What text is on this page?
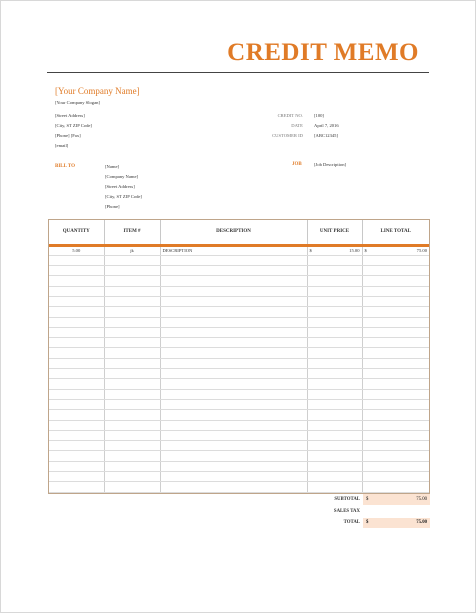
CREDIT MEMO
[Your Company Name]
[Your Company Slogan]
[Street Address]
[City, ST ZIP Code]
[Phone] [Fax]
[email]
CREDIT NO. [100]
DATE April 7, 2016
CUSTOMER ID [ABC12345]
BILL TO	[Name]
[Company Name]
[Street Address]
[City, ST ZIP Code]
[Phone]
JOB	[Job Description]
QUANTITY	ITEM #	DESCRIPTION	UNIT PRICE	LINE TOTAL
5.00	jk	DESCRIPTION	$ 15.00	$ 75.00

SUBTOTAL	$ 75.00

SALES TAX	
TOTAL	$ 75.00
